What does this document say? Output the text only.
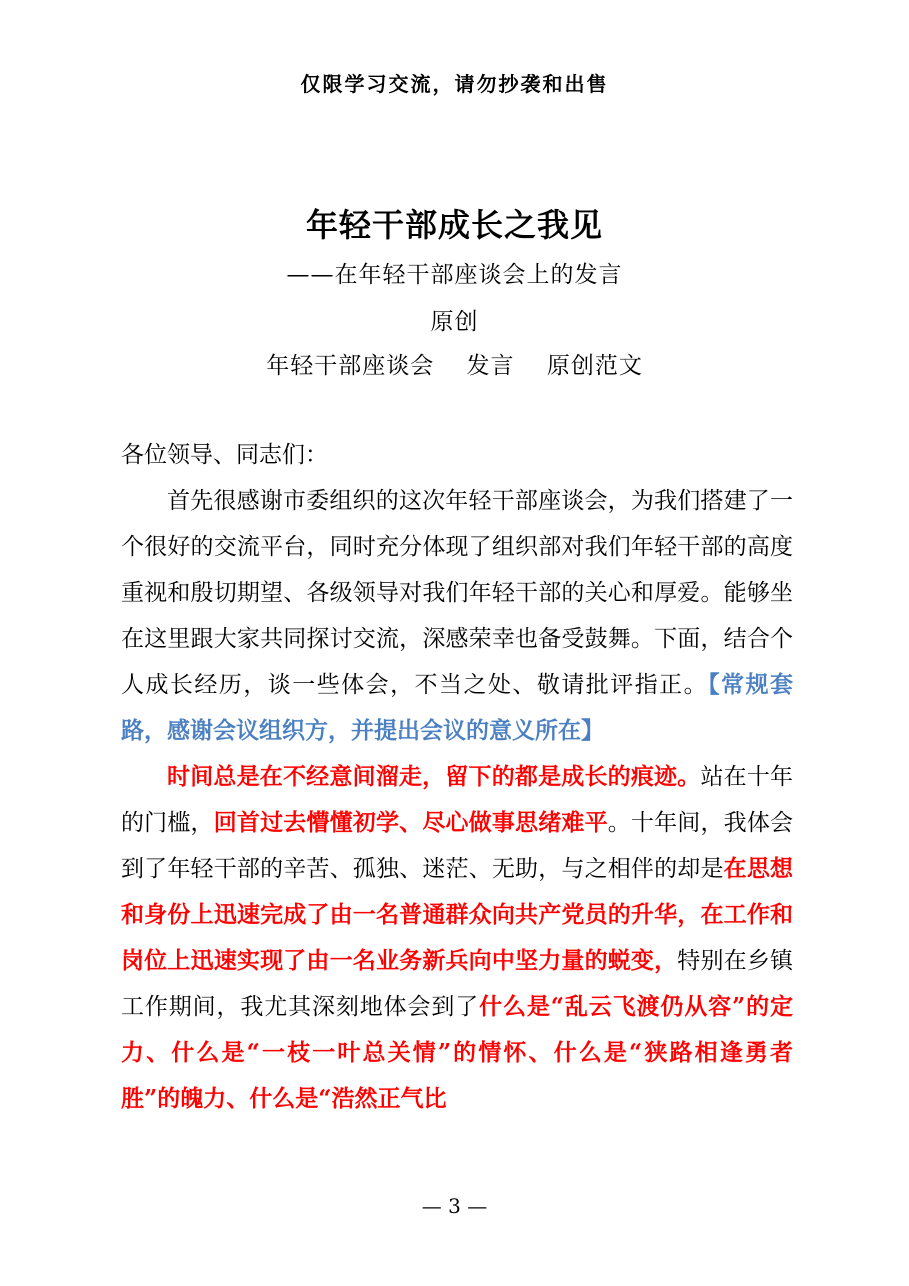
仅限学习交流，请勿抄袭和出售
年轻干部成长之我见
——在年轻干部座谈会上的发言
原创
年轻干部座谈会 发言 原创范文

各位领导、同志们：

首先很感谢市委组织的这次年轻干部座谈会，为我们搭建了一个很好的交流平台，同时充分体现了组织部对我们年轻干部的高度重视和殷切期望、各级领导对我们年轻干部的关心和厚爱。能够坐在这里跟大家共同探讨交流，深感荣幸也备受鼓舞。下面，结合个人成长经历，谈一些体会，不当之处、敬请批评指正。【常规套路，感谢会议组织方，并提出会议的意义所在】

时间总是在不经意间溜走，留下的都是成长的痕迹。站在十年的门槛，回首过去懵懂初学、尽心做事思绪难平。十年间，我体会到了年轻干部的辛苦、孤独、迷茫、无助，与之相伴的却是在思想和身份上迅速完成了由一名普通群众向共产党员的升华，在工作和岗位上迅速实现了由一名业务新兵向中坚力量的蜕变，特别在乡镇工作期间，我尤其深刻地体会到了什么是“乱云飞渡仍从容”的定力、什么是“一枝一叶总关情”的情怀、什么是“狭路相逢勇者胜”的魄力、什么是“浩然正气比

— 3 —
